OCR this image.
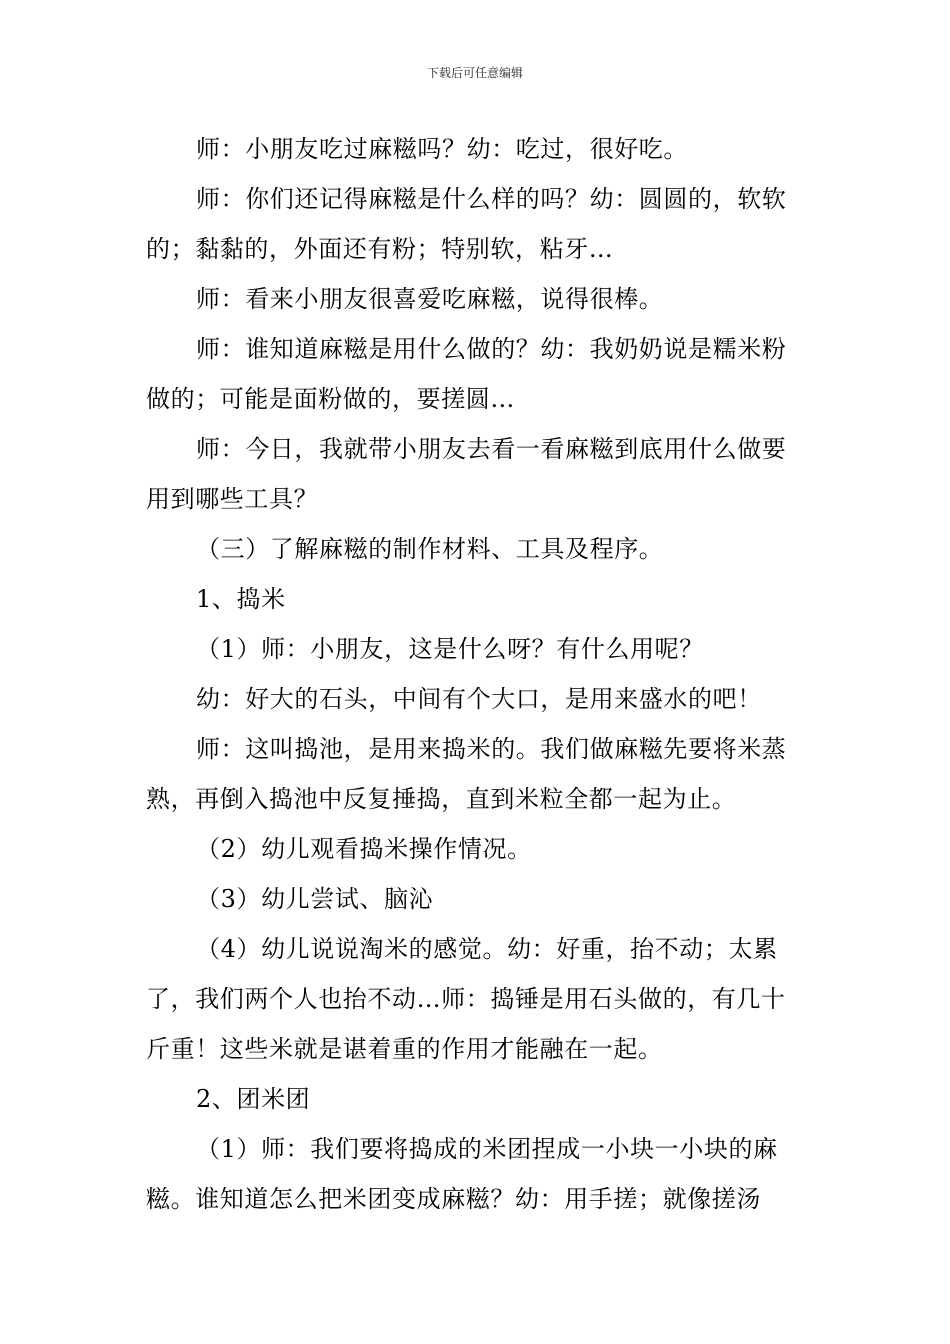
下载后可任意编辑

师：小朋友吃过麻糍吗？幼：吃过，很好吃。

师：你们还记得麻糍是什么样的吗？幼：圆圆的，软软的；黏黏的，外面还有粉；特别软，粘牙…

师：看来小朋友很喜爱吃麻糍，说得很棒。

师：谁知道麻糍是用什么做的？幼：我奶奶说是糯米粉做的；可能是面粉做的，要搓圆…

师：今日，我就带小朋友去看一看麻糍到底用什么做要用到哪些工具？

（三）了解麻糍的制作材料、工具及程序。

1、捣米

（1）师：小朋友，这是什么呀？有什么用呢？

幼：好大的石头，中间有个大口，是用来盛水的吧！

师：这叫捣池，是用来捣米的。我们做麻糍先要将米蒸熟，再倒入捣池中反复捶捣，直到米粒全都一起为止。

（2）幼儿观看捣米操作情况。

（3）幼儿尝试、脑沁

（4）幼儿说说淘米的感觉。幼：好重，抬不动；太累了，我们两个人也抬不动…师：捣锤是用石头做的，有几十斤重！这些米就是谌着重的作用才能融在一起。

2、团米团

（1）师：我们要将捣成的米团捏成一小块一小块的麻糍。谁知道怎么把米团变成麻糍？幼：用手搓；就像搓汤
